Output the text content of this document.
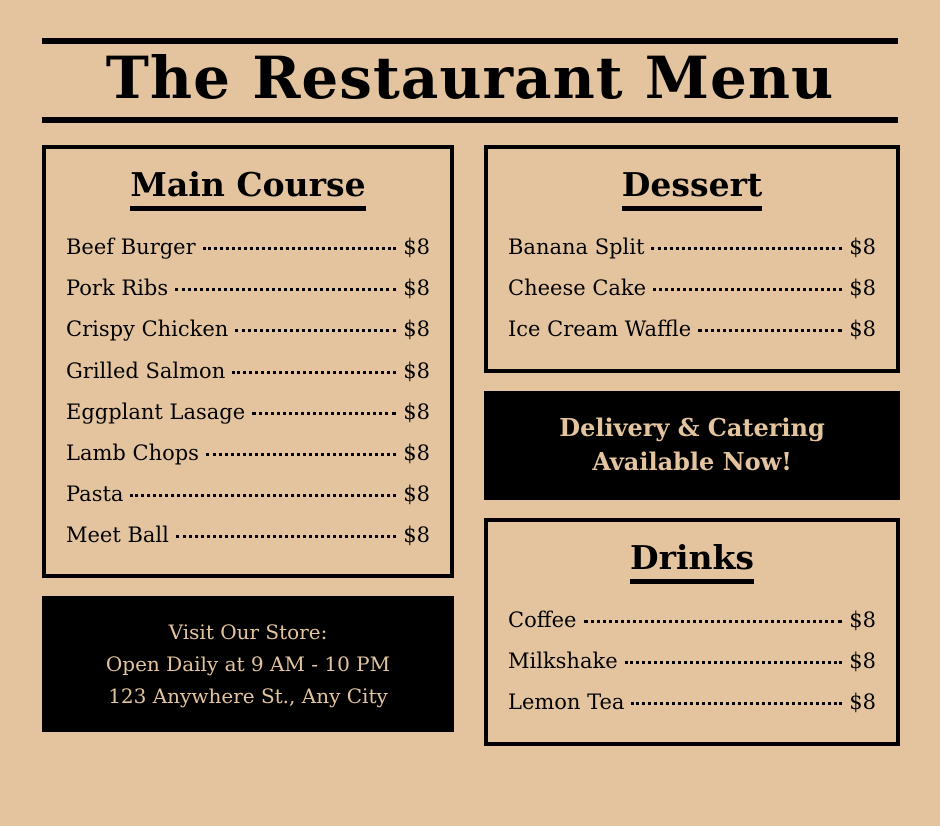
The Restaurant Menu
Main Course
Beef Burger	$8
Pork Ribs	$8
Crispy Chicken	$8
Grilled Salmon	$8
Eggplant Lasage	$8
Lamb Chops	$8
Pasta	$8
Meet Ball	$8
Visit Our Store:
Open Daily at 9 AM - 10 PM
123 Anywhere St., Any City
Dessert
Banana Split	$8
Cheese Cake	$8
Ice Cream Waffle	$8
Delivery & Catering
Available Now!
Drinks
Coffee	$8
Milkshake	$8
Lemon Tea	$8
